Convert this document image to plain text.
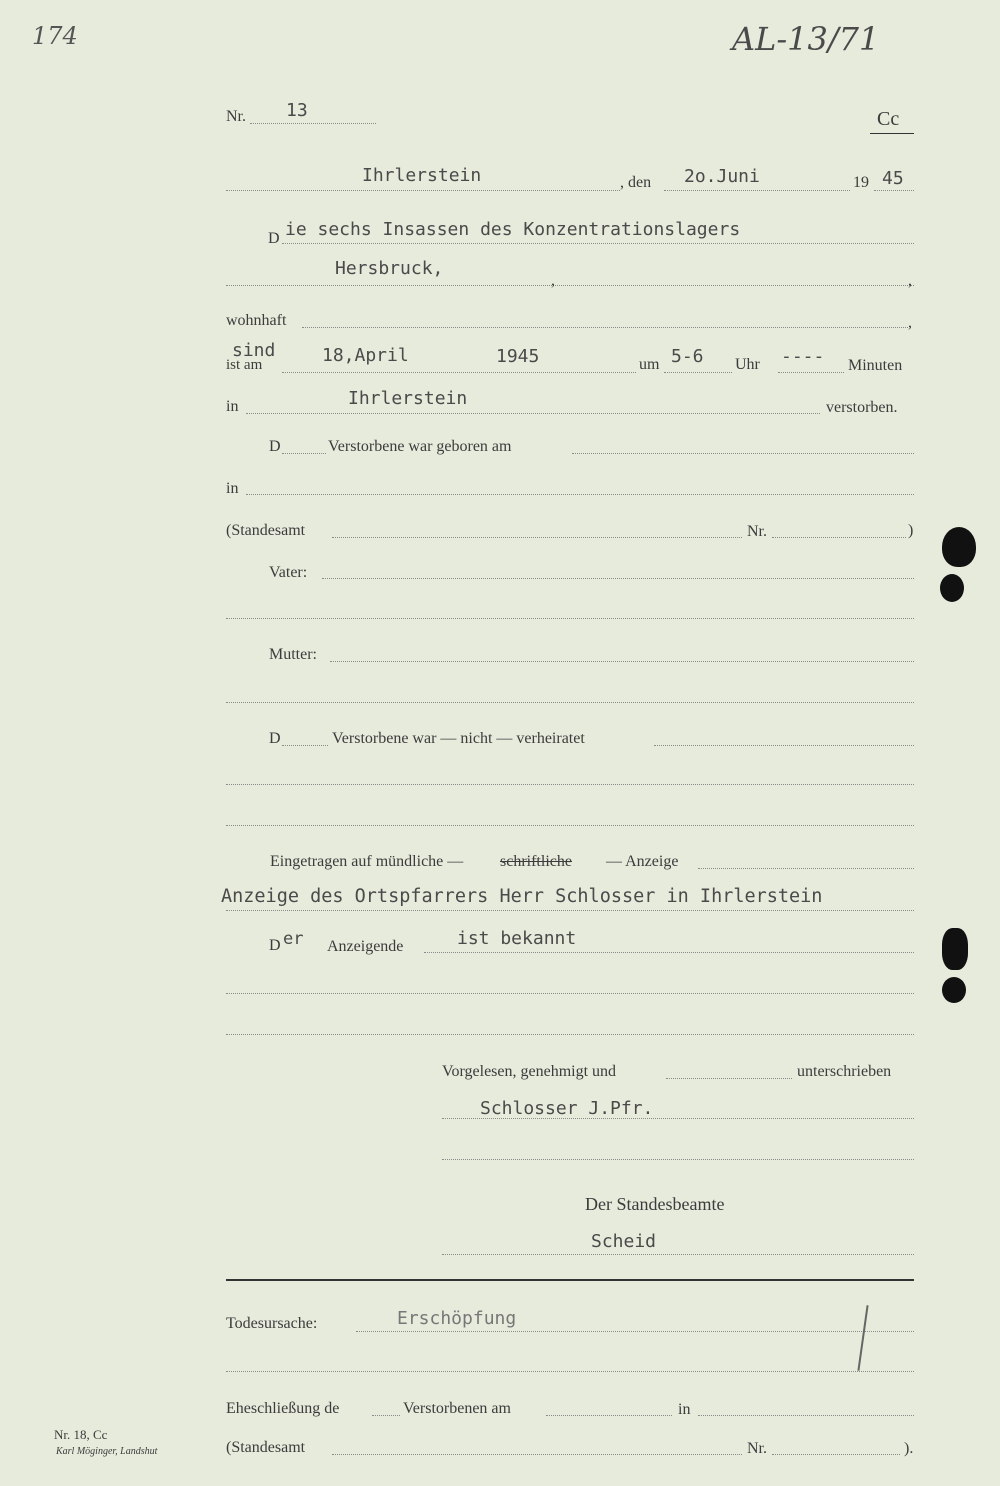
174	AL-13/71
Nr. 13	Cc
Ihrlerstein	, den 2o.Juni	19 45
D ie sechs Insassen des Konzentrationslagers
Hersbruck,
,	,
wohnhaft	,
sind
ist am	18,April	1945	um 5-6 Uhr ---- Minuten
in	Ihrlerstein	verstorben.
D	Verstorbene war geboren am
in
(Standesamt	Nr.	)
Vater:
Mutter:
D	Verstorbene war — nicht — verheiratet
Eingetragen auf mündliche — schriftliche — Anzeige
Anzeige des Ortspfarrers Herr Schlosser in Ihrlerstein
D er Anzeigende	ist bekannt
Vorgelesen, genehmigt und	unterschrieben
Schlosser J.Pfr.
Der Standesbeamte
Scheid
Todesursache:	Erschöpfung
Eheschließung de	Verstorbenen am	in
(Standesamt	Nr.	).
Nr. 18, Cc
Karl Möginger, Landshut
